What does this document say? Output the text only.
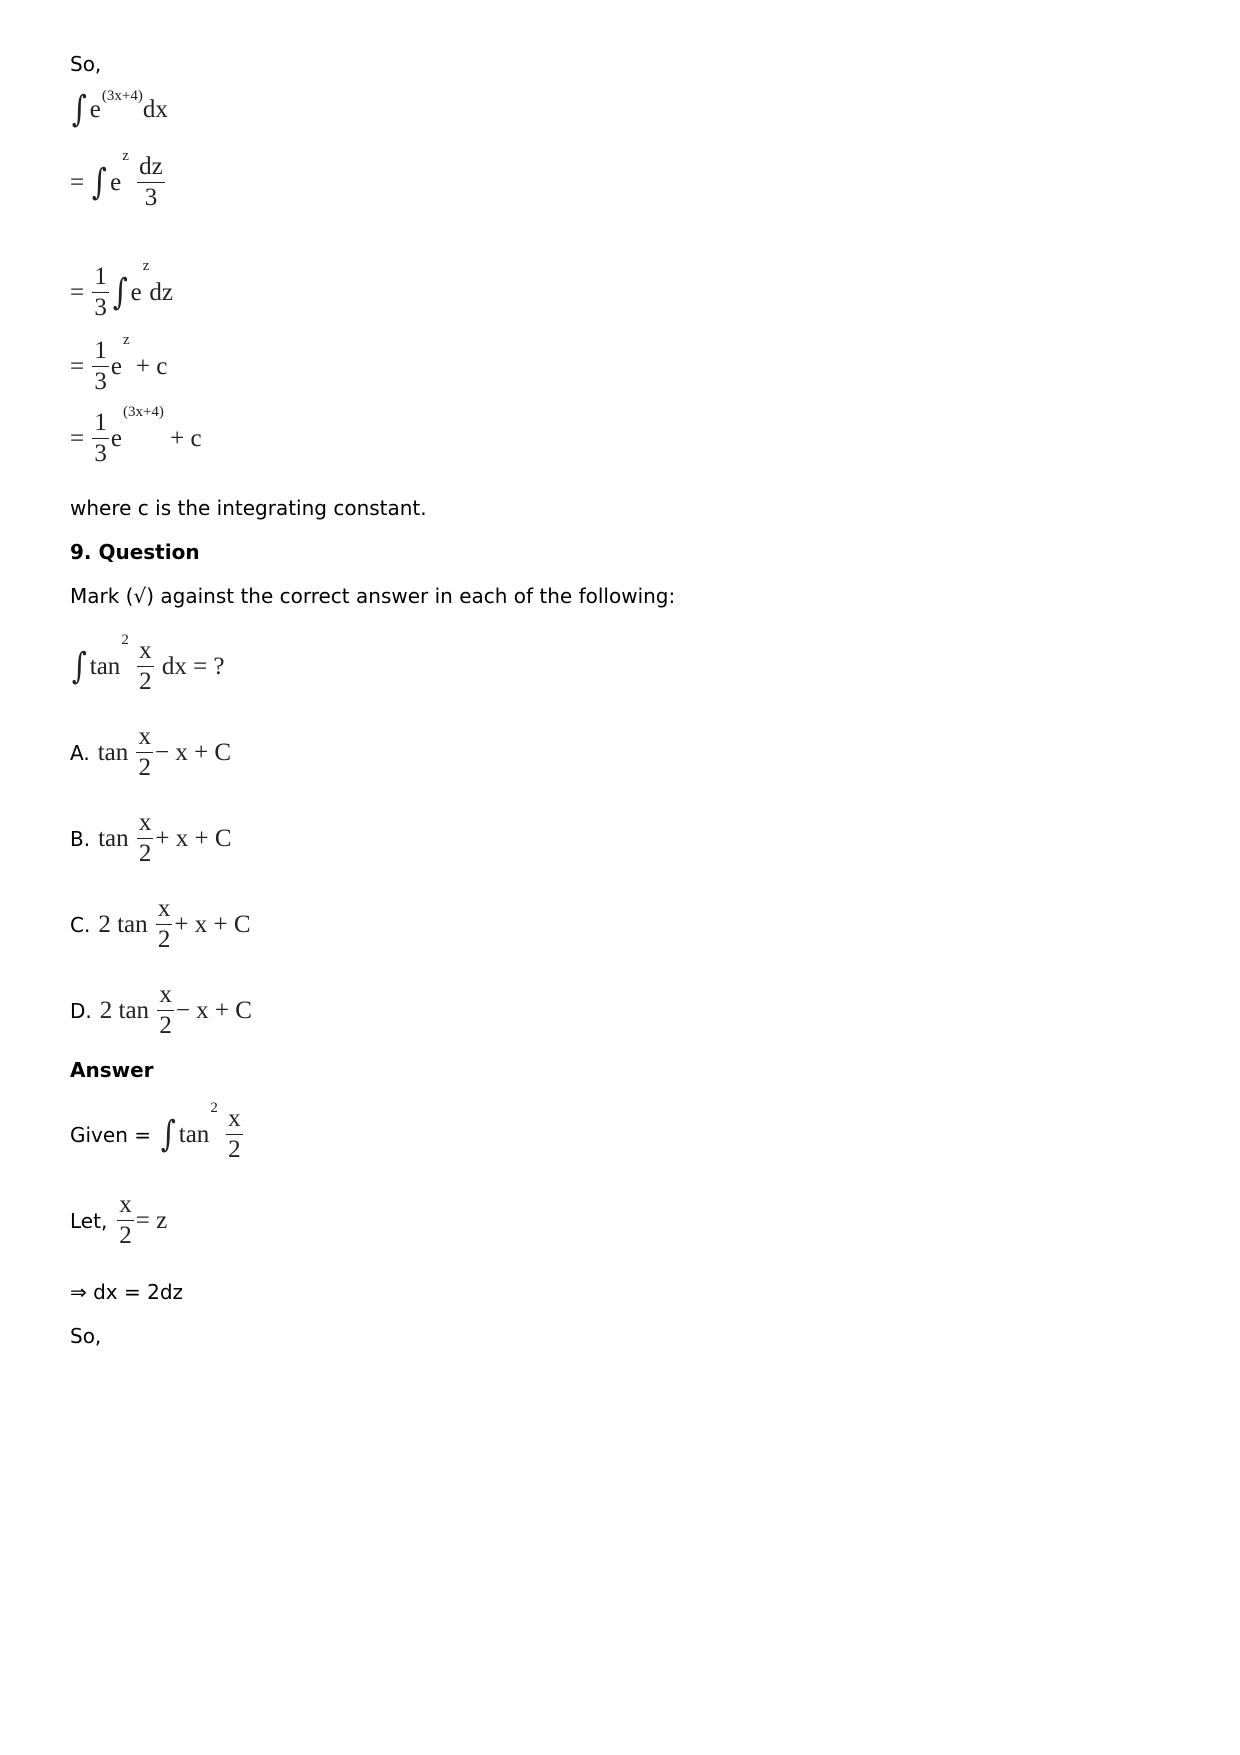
So,
∫ $e^{(3x+4)}dx$
= ∫ $e^z \frac{dz}{3}$
= $\frac{1}{3}$ ∫ $e^zdz$
= $\frac{1}{3} e^z + c$
= $\frac{1}{3} e^{(3x+4)} + c$
where c is the integrating constant.
9. Question
Mark (√) against the correct answer in each of the following:
∫ $\tan^2 \frac{x}{2}$ dx = ?
A. $\tan \frac{x}{2} - x + C$
B. $\tan \frac{x}{2} + x + C$
C. 2 $\tan \frac{x}{2} + x + C$
D. 2 $\tan \frac{x}{2} - x + C$
Answer
Given = ∫ $\tan^2 \frac{x}{2}$
Let, $\frac{x}{2} = z$
⇒ dx = 2dz
So,
